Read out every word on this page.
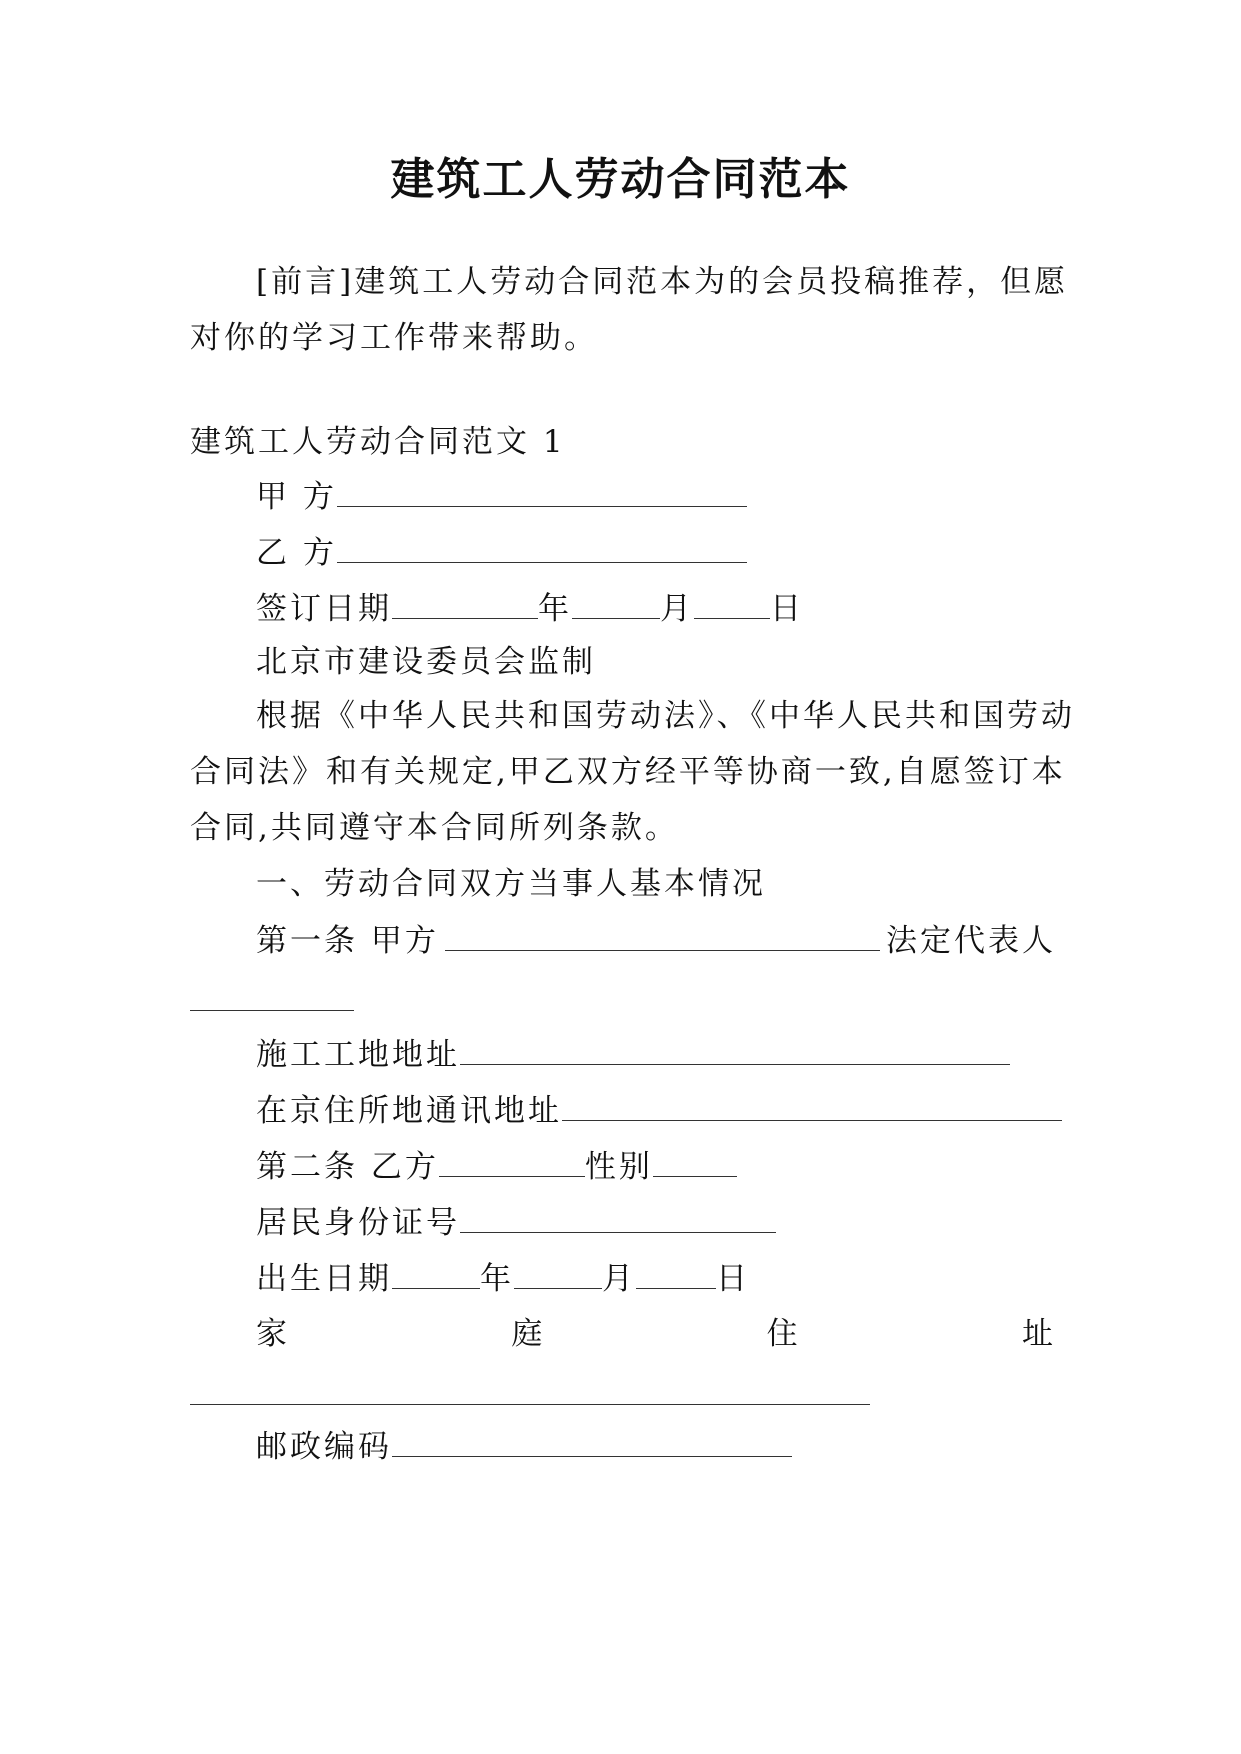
建筑工人劳动合同范本
[前言]建筑工人劳动合同范本为的会员投稿推荐，但愿
对你的学习工作带来帮助。
建筑工人劳动合同范文 1
甲 方
乙 方
签订日期	年	月 日
北京市建设委员会监制
根据《中华人民共和国劳动法》、《中华人民共和国劳动
合同法》和有关规定,甲乙双方经平等协商一致,自愿签订本
合同,共同遵守本合同所列条款。
一、劳动合同双方当事人基本情况
第一条 甲方	法定代表人
施工工地地址
在京住所地通讯地址
第二条 乙方	性别
居民身份证号
出生日期	年	月	日
家	庭	住	址
邮政编码
